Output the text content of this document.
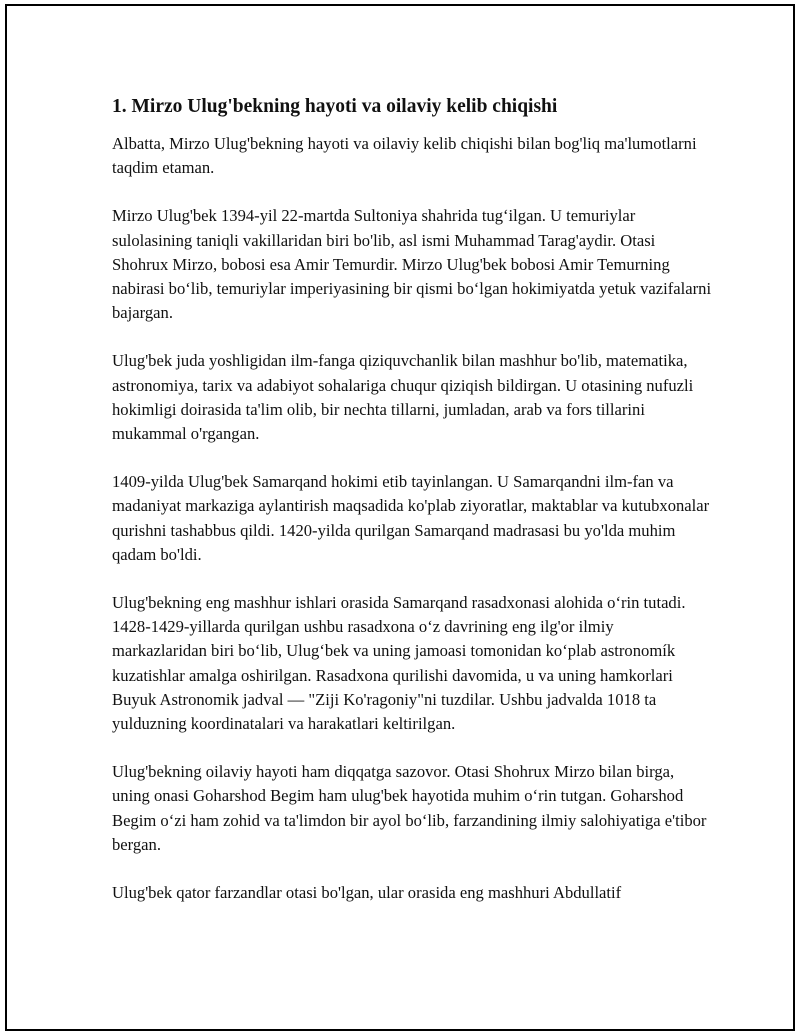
1. Mirzo Ulug'bekning hayoti va oilaviy kelib chiqishi

Albatta, Mirzo Ulug'bekning hayoti va oilaviy kelib chiqishi bilan bog'liq ma'lumotlarni taqdim etaman.

Mirzo Ulug'bek 1394-yil 22-martda Sultoniya shahrida tug‘ilgan. U temuriylar sulolasining taniqli vakillaridan biri bo'lib, asl ismi Muhammad Tarag'aydir. Otasi Shohrux Mirzo, bobosi esa Amir Temurdir. Mirzo Ulug'bek bobosi Amir Temurning nabirasi bo‘lib, temuriylar imperiyasining bir qismi bo‘lgan hokimiyatda yetuk vazifalarni bajargan.

Ulug'bek juda yoshligidan ilm-fanga qiziquvchanlik bilan mashhur bo'lib, matematika, astronomiya, tarix va adabiyot sohalariga chuqur qiziqish bildirgan. U otasining nufuzli hokimligi doirasida ta'lim olib, bir nechta tillarni, jumladan, arab va fors tillarini mukammal o'rgangan.

1409-yilda Ulug'bek Samarqand hokimi etib tayinlangan. U Samarqandni ilm-fan va madaniyat markaziga aylantirish maqsadida ko'plab ziyoratlar, maktablar va kutubxonalar qurishni tashabbus qildi. 1420-yilda qurilgan Samarqand madrasasi bu yo'lda muhim qadam bo'ldi.

Ulug'bekning eng mashhur ishlari orasida Samarqand rasadxonasi alohida o‘rin tutadi. 1428-1429-yillarda qurilgan ushbu rasadxona o‘z davrining eng ilg'or ilmiy markazlaridan biri bo‘lib, Ulug‘bek va uning jamoasi tomonidan ko‘plab astronomík kuzatishlar amalga oshirilgan. Rasadxona qurilishi davomida, u va uning hamkorlari Buyuk Astronomik jadval — "Ziji Ko'ragoniy"ni tuzdilar. Ushbu jadvalda 1018 ta yulduzning koordinatalari va harakatlari keltirilgan.

Ulug'bekning oilaviy hayoti ham diqqatga sazovor. Otasi Shohrux Mirzo bilan birga, uning onasi Goharshod Begim ham ulug'bek hayotida muhim o‘rin tutgan. Goharshod Begim o‘zi ham zohid va ta'limdon bir ayol bo‘lib, farzandining ilmiy salohiyatiga e'tibor bergan.

Ulug'bek qator farzandlar otasi bo'lgan, ular orasida eng mashhuri Abdullatif
